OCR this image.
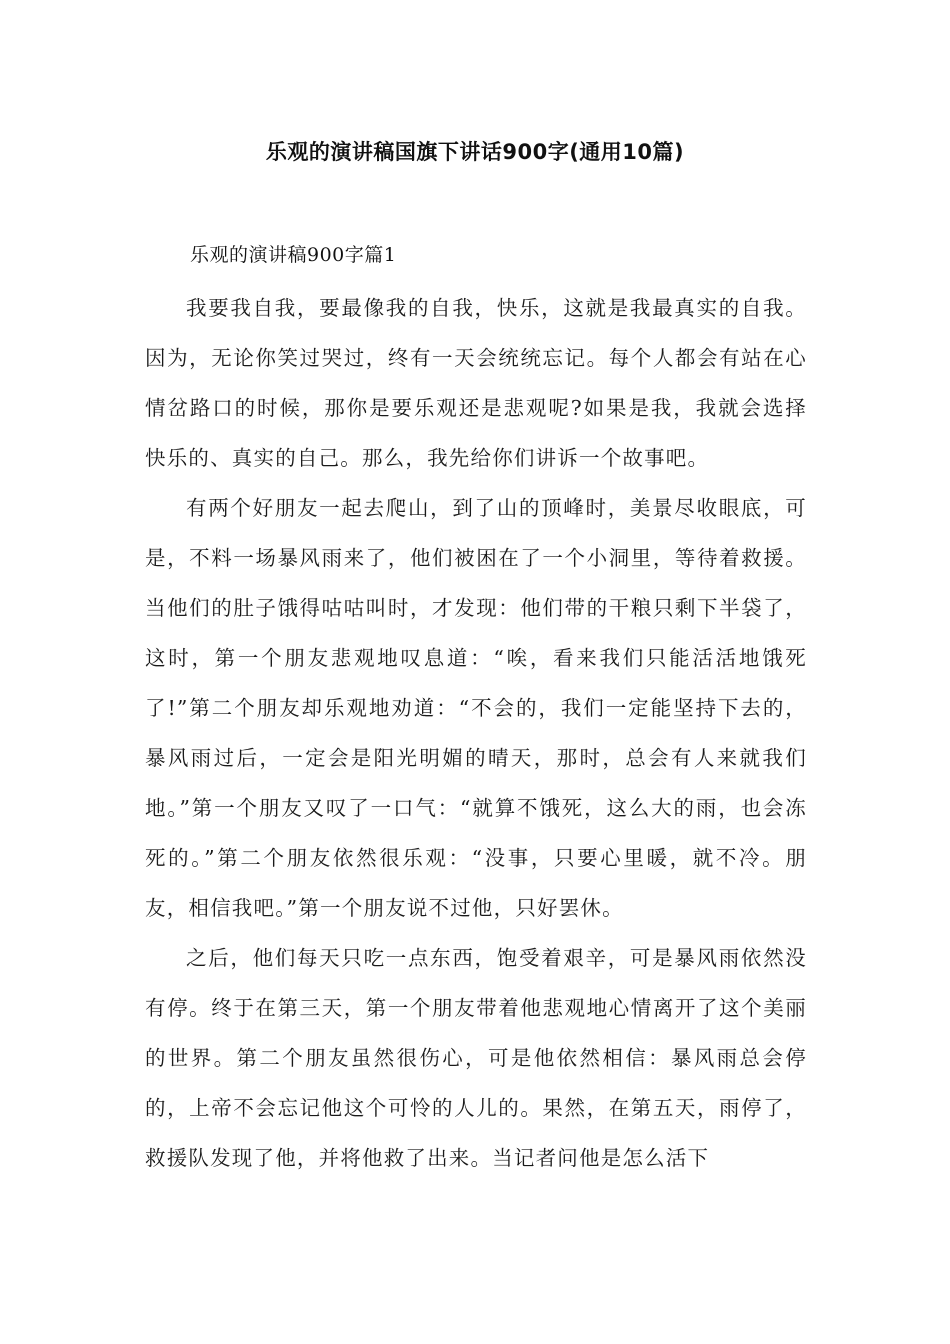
乐观的演讲稿国旗下讲话900字(通用10篇)
乐观的演讲稿900字篇1

我要我自我，要最像我的自我，快乐，这就是我最真实的自我。因为，无论你笑过哭过，终有一天会统统忘记。每个人都会有站在心情岔路口的时候，那你是要乐观还是悲观呢?如果是我，我就会选择快乐的、真实的自己。那么，我先给你们讲诉一个故事吧。

有两个好朋友一起去爬山，到了山的顶峰时，美景尽收眼底，可是，不料一场暴风雨来了，他们被困在了一个小洞里，等待着救援。当他们的肚子饿得咕咕叫时，才发现：他们带的干粮只剩下半袋了，这时，第一个朋友悲观地叹息道：“唉，看来我们只能活活地饿死了!”第二个朋友却乐观地劝道：“不会的，我们一定能坚持下去的，暴风雨过后，一定会是阳光明媚的晴天，那时，总会有人来就我们地。”第一个朋友又叹了一口气：“就算不饿死，这么大的雨，也会冻死的。”第二个朋友依然很乐观：“没事，只要心里暖，就不冷。朋友，相信我吧。”第一个朋友说不过他，只好罢休。

之后，他们每天只吃一点东西，饱受着艰辛，可是暴风雨依然没有停。终于在第三天，第一个朋友带着他悲观地心情离开了这个美丽的世界。第二个朋友虽然很伤心，可是他依然相信：暴风雨总会停的，上帝不会忘记他这个可怜的人儿的。果然，在第五天，雨停了，救援队发现了他，并将他救了出来。当记者问他是怎么活下
